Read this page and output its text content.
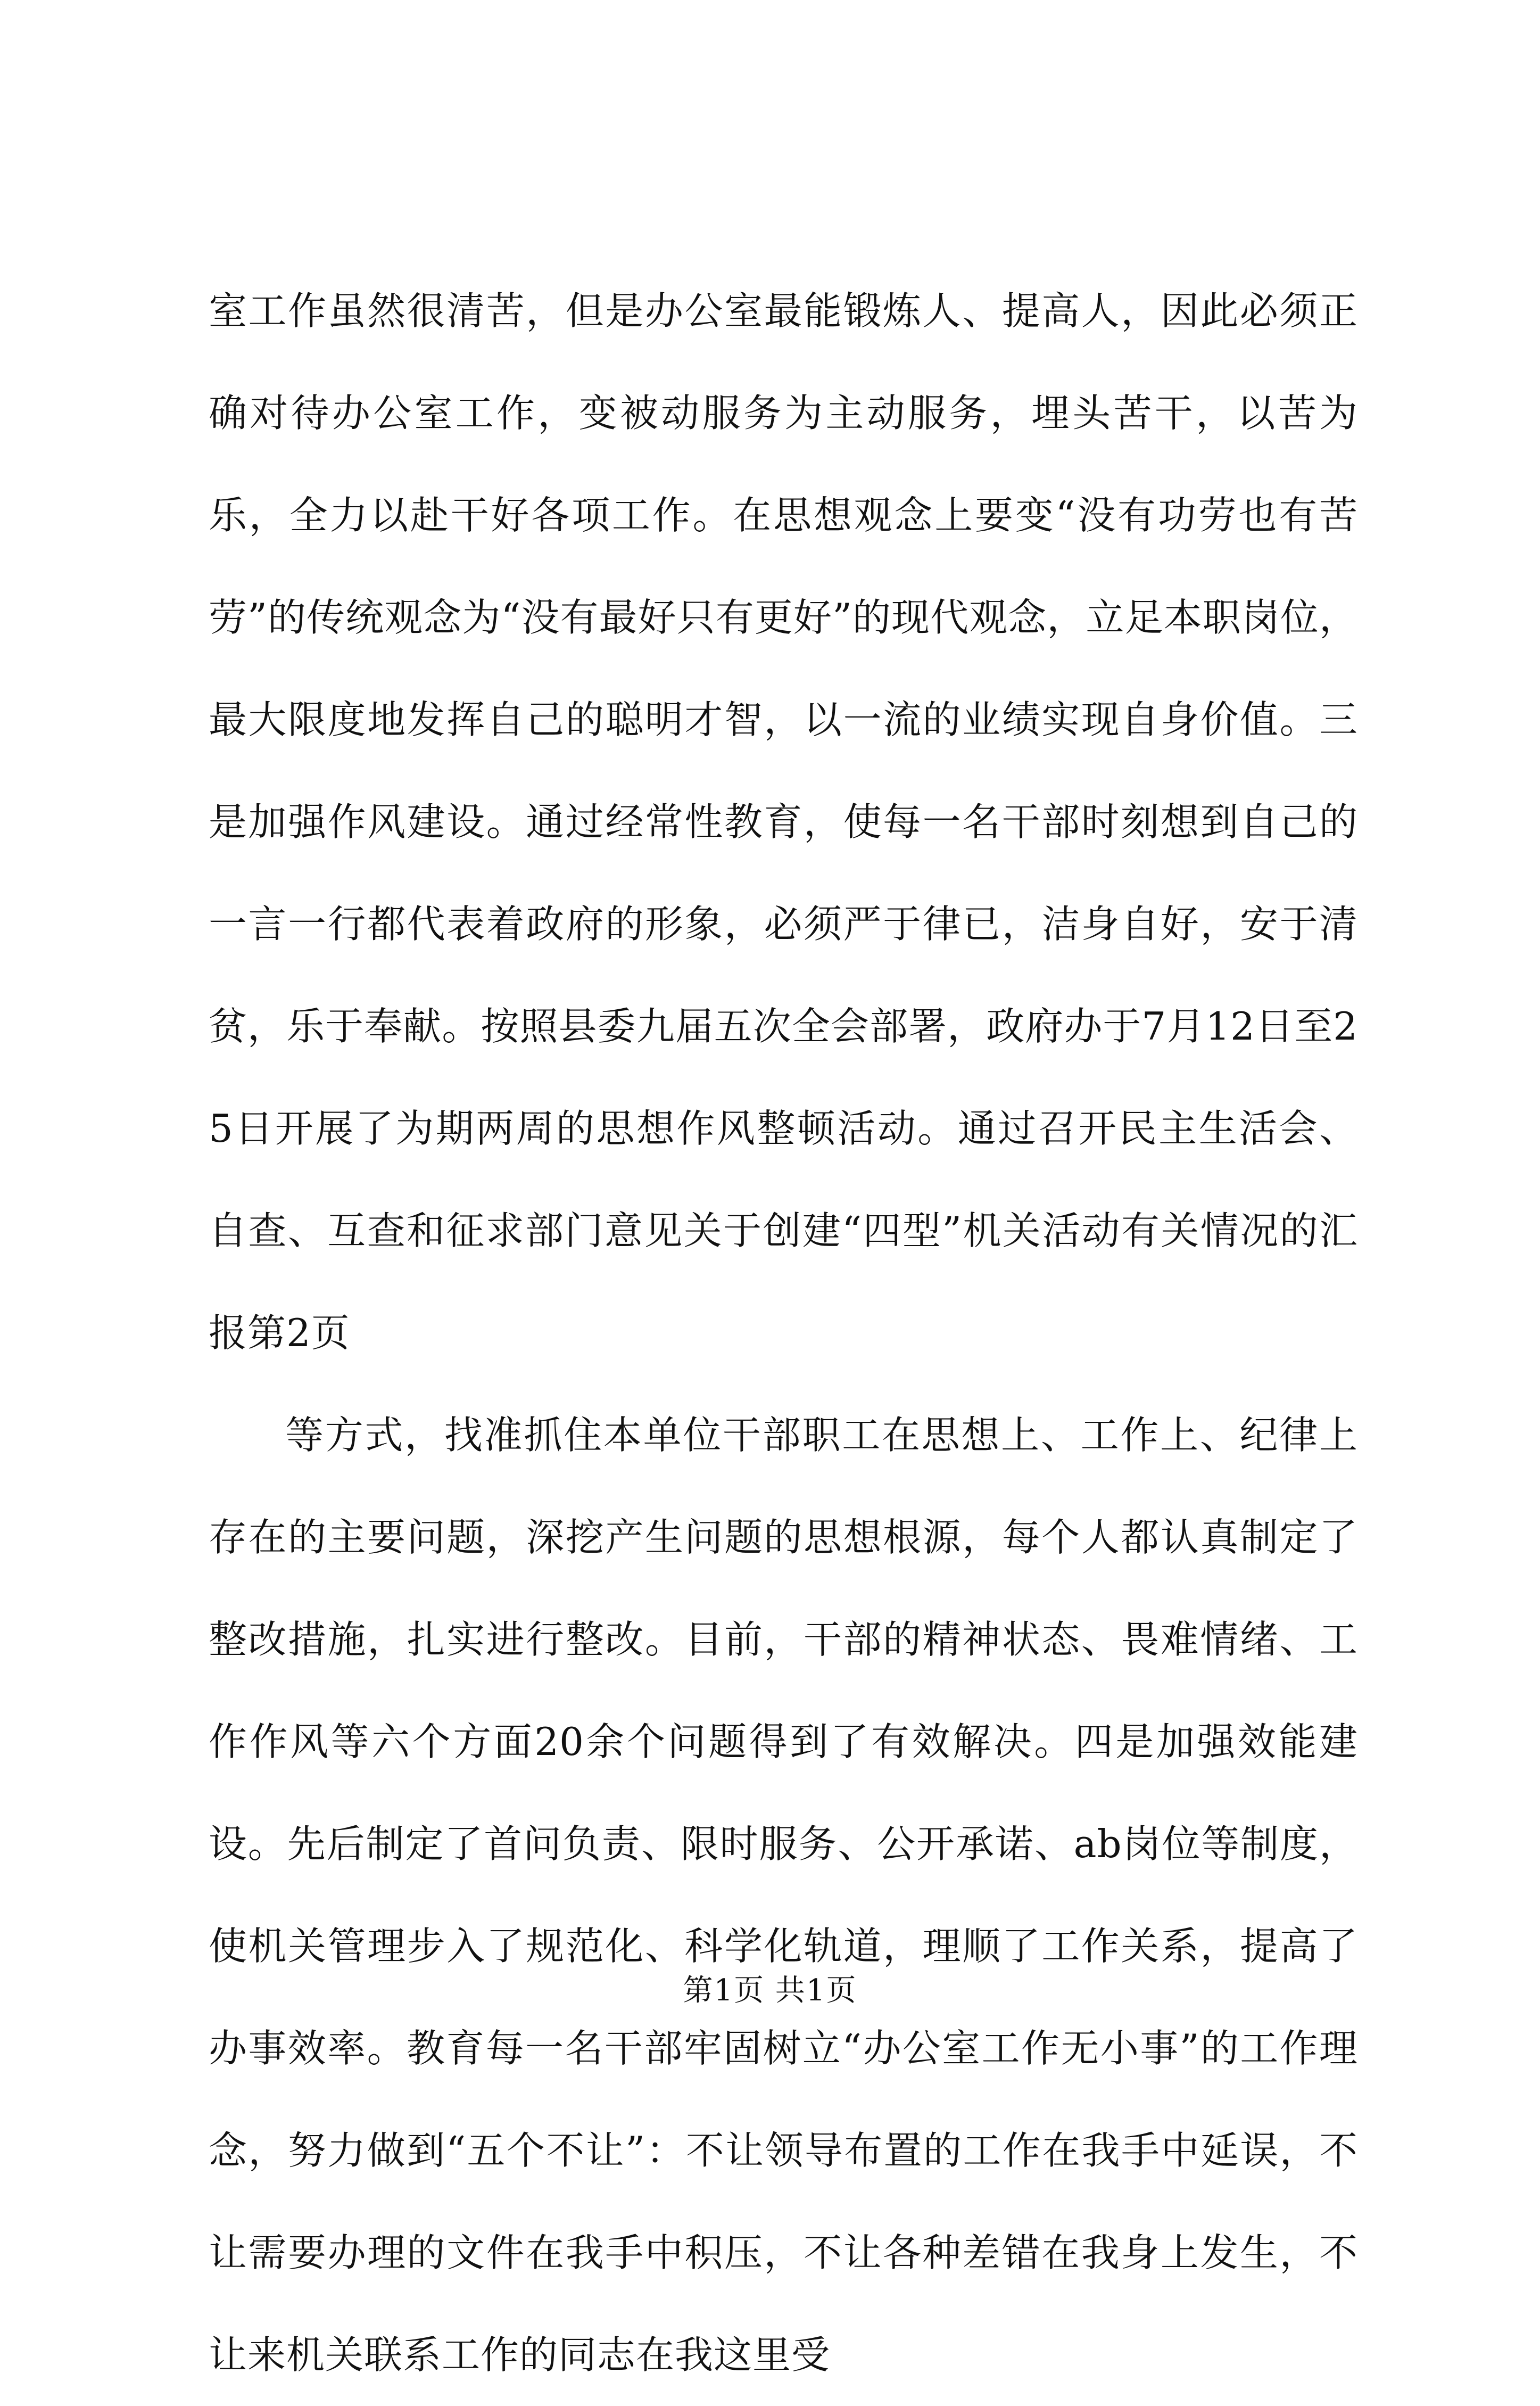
室工作虽然很清苦，但是办公室最能锻炼人、提高人，因此必须正确对待办公室工作，变被动服务为主动服务，埋头苦干，以苦为乐，全力以赴干好各项工作。在思想观念上要变“没有功劳也有苦劳”的传统观念为“没有最好只有更好”的现代观念，立足本职岗位，最大限度地发挥自己的聪明才智，以一流的业绩实现自身价值。三是加强作风建设。通过经常性教育，使每一名干部时刻想到自己的一言一行都代表着政府的形象，必须严于律已，洁身自好，安于清贫，乐于奉献。按照县委九届五次全会部署，政府办于7月12日至25日开展了为期两周的思想作风整顿活动。通过召开民主生活会、自查、互查和征求部门意见关于创建“四型”机关活动有关情况的汇报第2页

等方式，找准抓住本单位干部职工在思想上、工作上、纪律上存在的主要问题，深挖产生问题的思想根源，每个人都认真制定了整改措施，扎实进行整改。目前，干部的精神状态、畏难情绪、工作作风等六个方面20余个问题得到了有效解决。四是加强效能建设。先后制定了首问负责、限时服务、公开承诺、ab岗位等制度，使机关管理步入了规范化、科学化轨道，理顺了工作关系，提高了办事效率。教育每一名干部牢固树立“办公室工作无小事”的工作理念，努力做到“五个不让”：不让领导布置的工作在我手中延误，不让需要办理的文件在我手中积压，不让各种差错在我身上发生，不让来机关联系工作的同志在我这里受

第1页 共1页
